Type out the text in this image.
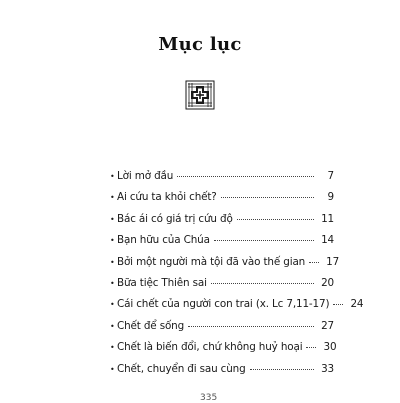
Mục lục
• Lời mở đầu	7
• Ai cứu ta khỏi chết?	9
• Bác ái có giá trị cứu độ	11
• Bạn hữu của Chúa	14
• Bởi một người mà tội đã vào thế gian 17
• Bữa tiệc Thiên sai	20
• Cái chết của người con trai (x. Lc 7,11-17) 24
• Chết để sống	27
• Chết là biến đổi, chứ không huỷ hoại 30
• Chết, chuyển đi sau cùng	33
335
